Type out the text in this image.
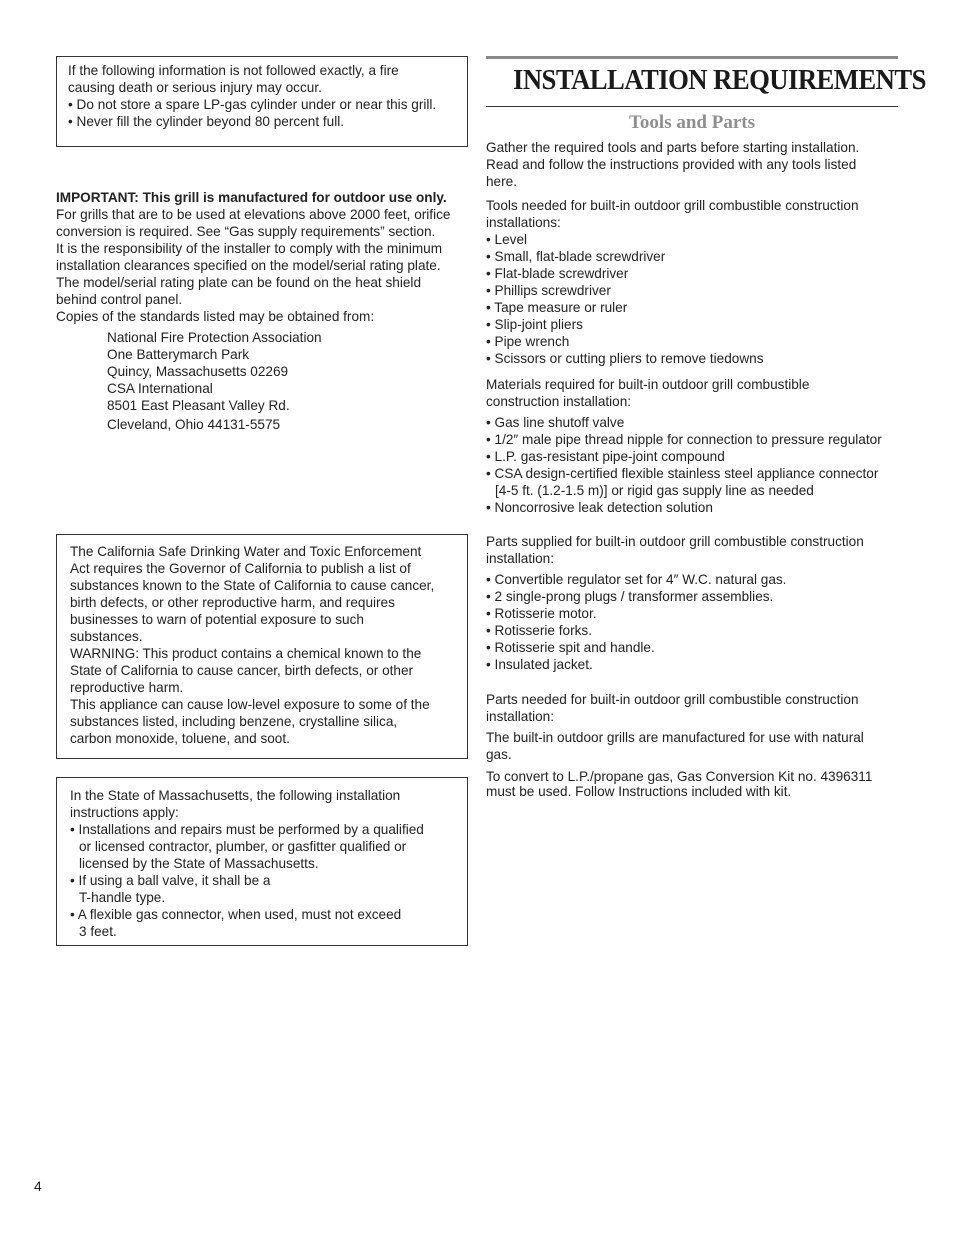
If the following information is not followed exactly, a fire
causing death or serious injury may occur.
• Do not store a spare LP-gas cylinder under or near this grill.
• Never fill the cylinder beyond 80 percent full.
IMPORTANT: This grill is manufactured for outdoor use only.
For grills that are to be used at elevations above 2000 feet, orifice
conversion is required. See “Gas supply requirements” section.
It is the responsibility of the installer to comply with the minimum
installation clearances specified on the model/serial rating plate.
The model/serial rating plate can be found on the heat shield
behind control panel.
Copies of the standards listed may be obtained from:
National Fire Protection Association
One Batterymarch Park
Quincy, Massachusetts 02269
CSA International
8501 East Pleasant Valley Rd.
Cleveland, Ohio 44131-5575
The California Safe Drinking Water and Toxic Enforcement
Act requires the Governor of California to publish a list of
substances known to the State of California to cause cancer,
birth defects, or other reproductive harm, and requires
businesses to warn of potential exposure to such
substances.
WARNING: This product contains a chemical known to the
State of California to cause cancer, birth defects, or other
reproductive harm.
This appliance can cause low-level exposure to some of the
substances listed, including benzene, crystalline silica,
carbon monoxide, toluene, and soot.
In the State of Massachusetts, the following installation
instructions apply:
• Installations and repairs must be performed by a qualified
or licensed contractor, plumber, or gasfitter qualified or
licensed by the State of Massachusetts.
• If using a ball valve, it shall be a
T-handle type.
• A flexible gas connector, when used, must not exceed
3 feet.
INSTALLATION REQUIREMENTS
Tools and Parts
Gather the required tools and parts before starting installation.
Read and follow the instructions provided with any tools listed
here.
Tools needed for built-in outdoor grill combustible construction
installations:
• Level
• Small, flat-blade screwdriver
• Flat-blade screwdriver
• Phillips screwdriver
• Tape measure or ruler
• Slip-joint pliers
• Pipe wrench
• Scissors or cutting pliers to remove tiedowns
Materials required for built-in outdoor grill combustible
construction installation:
• Gas line shutoff valve
• 1/2″ male pipe thread nipple for connection to pressure regulator
• L.P. gas-resistant pipe-joint compound
• CSA design-certified flexible stainless steel appliance connector
[4-5 ft. (1.2-1.5 m)] or rigid gas supply line as needed
• Noncorrosive leak detection solution
Parts supplied for built-in outdoor grill combustible construction
installation:
• Convertible regulator set for 4″ W.C. natural gas.
• 2 single-prong plugs / transformer assemblies.
• Rotisserie motor.
• Rotisserie forks.
• Rotisserie spit and handle.
• Insulated jacket.
Parts needed for built-in outdoor grill combustible construction
installation:
The built-in outdoor grills are manufactured for use with natural
gas.
To convert to L.P./propane gas, Gas Conversion Kit no. 4396311
must be used. Follow Instructions included with kit.
4
